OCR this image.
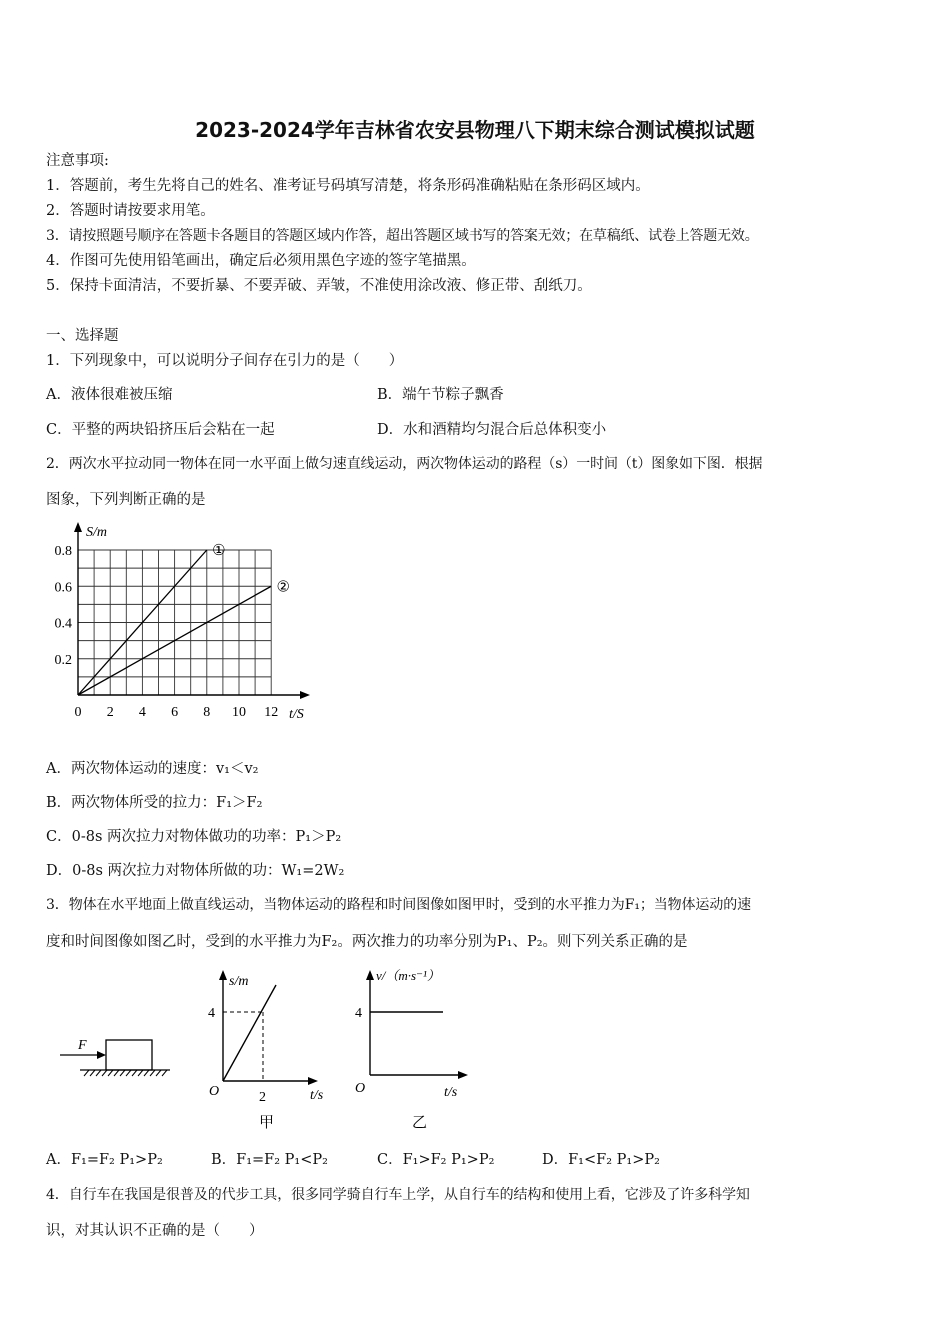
2023-2024学年吉林省农安县物理八下期末综合测试模拟试题
注意事项:
1．答题前，考生先将自己的姓名、准考证号码填写清楚，将条形码准确粘贴在条形码区域内。
2．答题时请按要求用笔。
3．请按照题号顺序在答题卡各题目的答题区域内作答，超出答题区域书写的答案无效；在草稿纸、试卷上答题无效。
4．作图可先使用铅笔画出，确定后必须用黑色字迹的签字笔描黑。
5．保持卡面清洁，不要折暴、不要弄破、弄皱，不准使用涂改液、修正带、刮纸刀。
一、选择题
1．下列现象中，可以说明分子间存在引力的是（　　）
A．液体很难被压缩	B．端午节粽子飘香
C．平整的两块铅挤压后会粘在一起	D．水和酒精均匀混合后总体积变小
2．两次水平拉动同一物体在同一水平面上做匀速直线运动，两次物体运动的路程（s）一时间（t）图象如下图．根据
图象，下列判断正确的是
①
②
0 2 4 6 8 10 12
0.2
0.4
0.6
0.8
S/m
t/S
A．两次物体运动的速度：v₁＜v₂
B．两次物体所受的拉力：F₁＞F₂
C．0-8s 两次拉力对物体做功的功率：P₁＞P₂
D．0-8s 两次拉力对物体所做的功：W₁=2W₂
3．物体在水平地面上做直线运动，当物体运动的路程和时间图像如图甲时，受到的水平推力为F₁；当物体运动的速
度和时间图像如图乙时，受到的水平推力为F₂。两次推力的功率分别为P₁、P₂。则下列关系正确的是
F
s/m
4
O	2	t/s
甲
v/（m·s⁻¹）
4
O	t/s
乙
A．F₁=F₂ P₁>P₂	B．F₁=F₂ P₁<P₂	C．F₁>F₂ P₁>P₂	D．F₁<F₂ P₁>P₂
4．自行车在我国是很普及的代步工具，很多同学骑自行车上学，从自行车的结构和使用上看，它涉及了许多科学知
识，对其认识不正确的是（　　）
